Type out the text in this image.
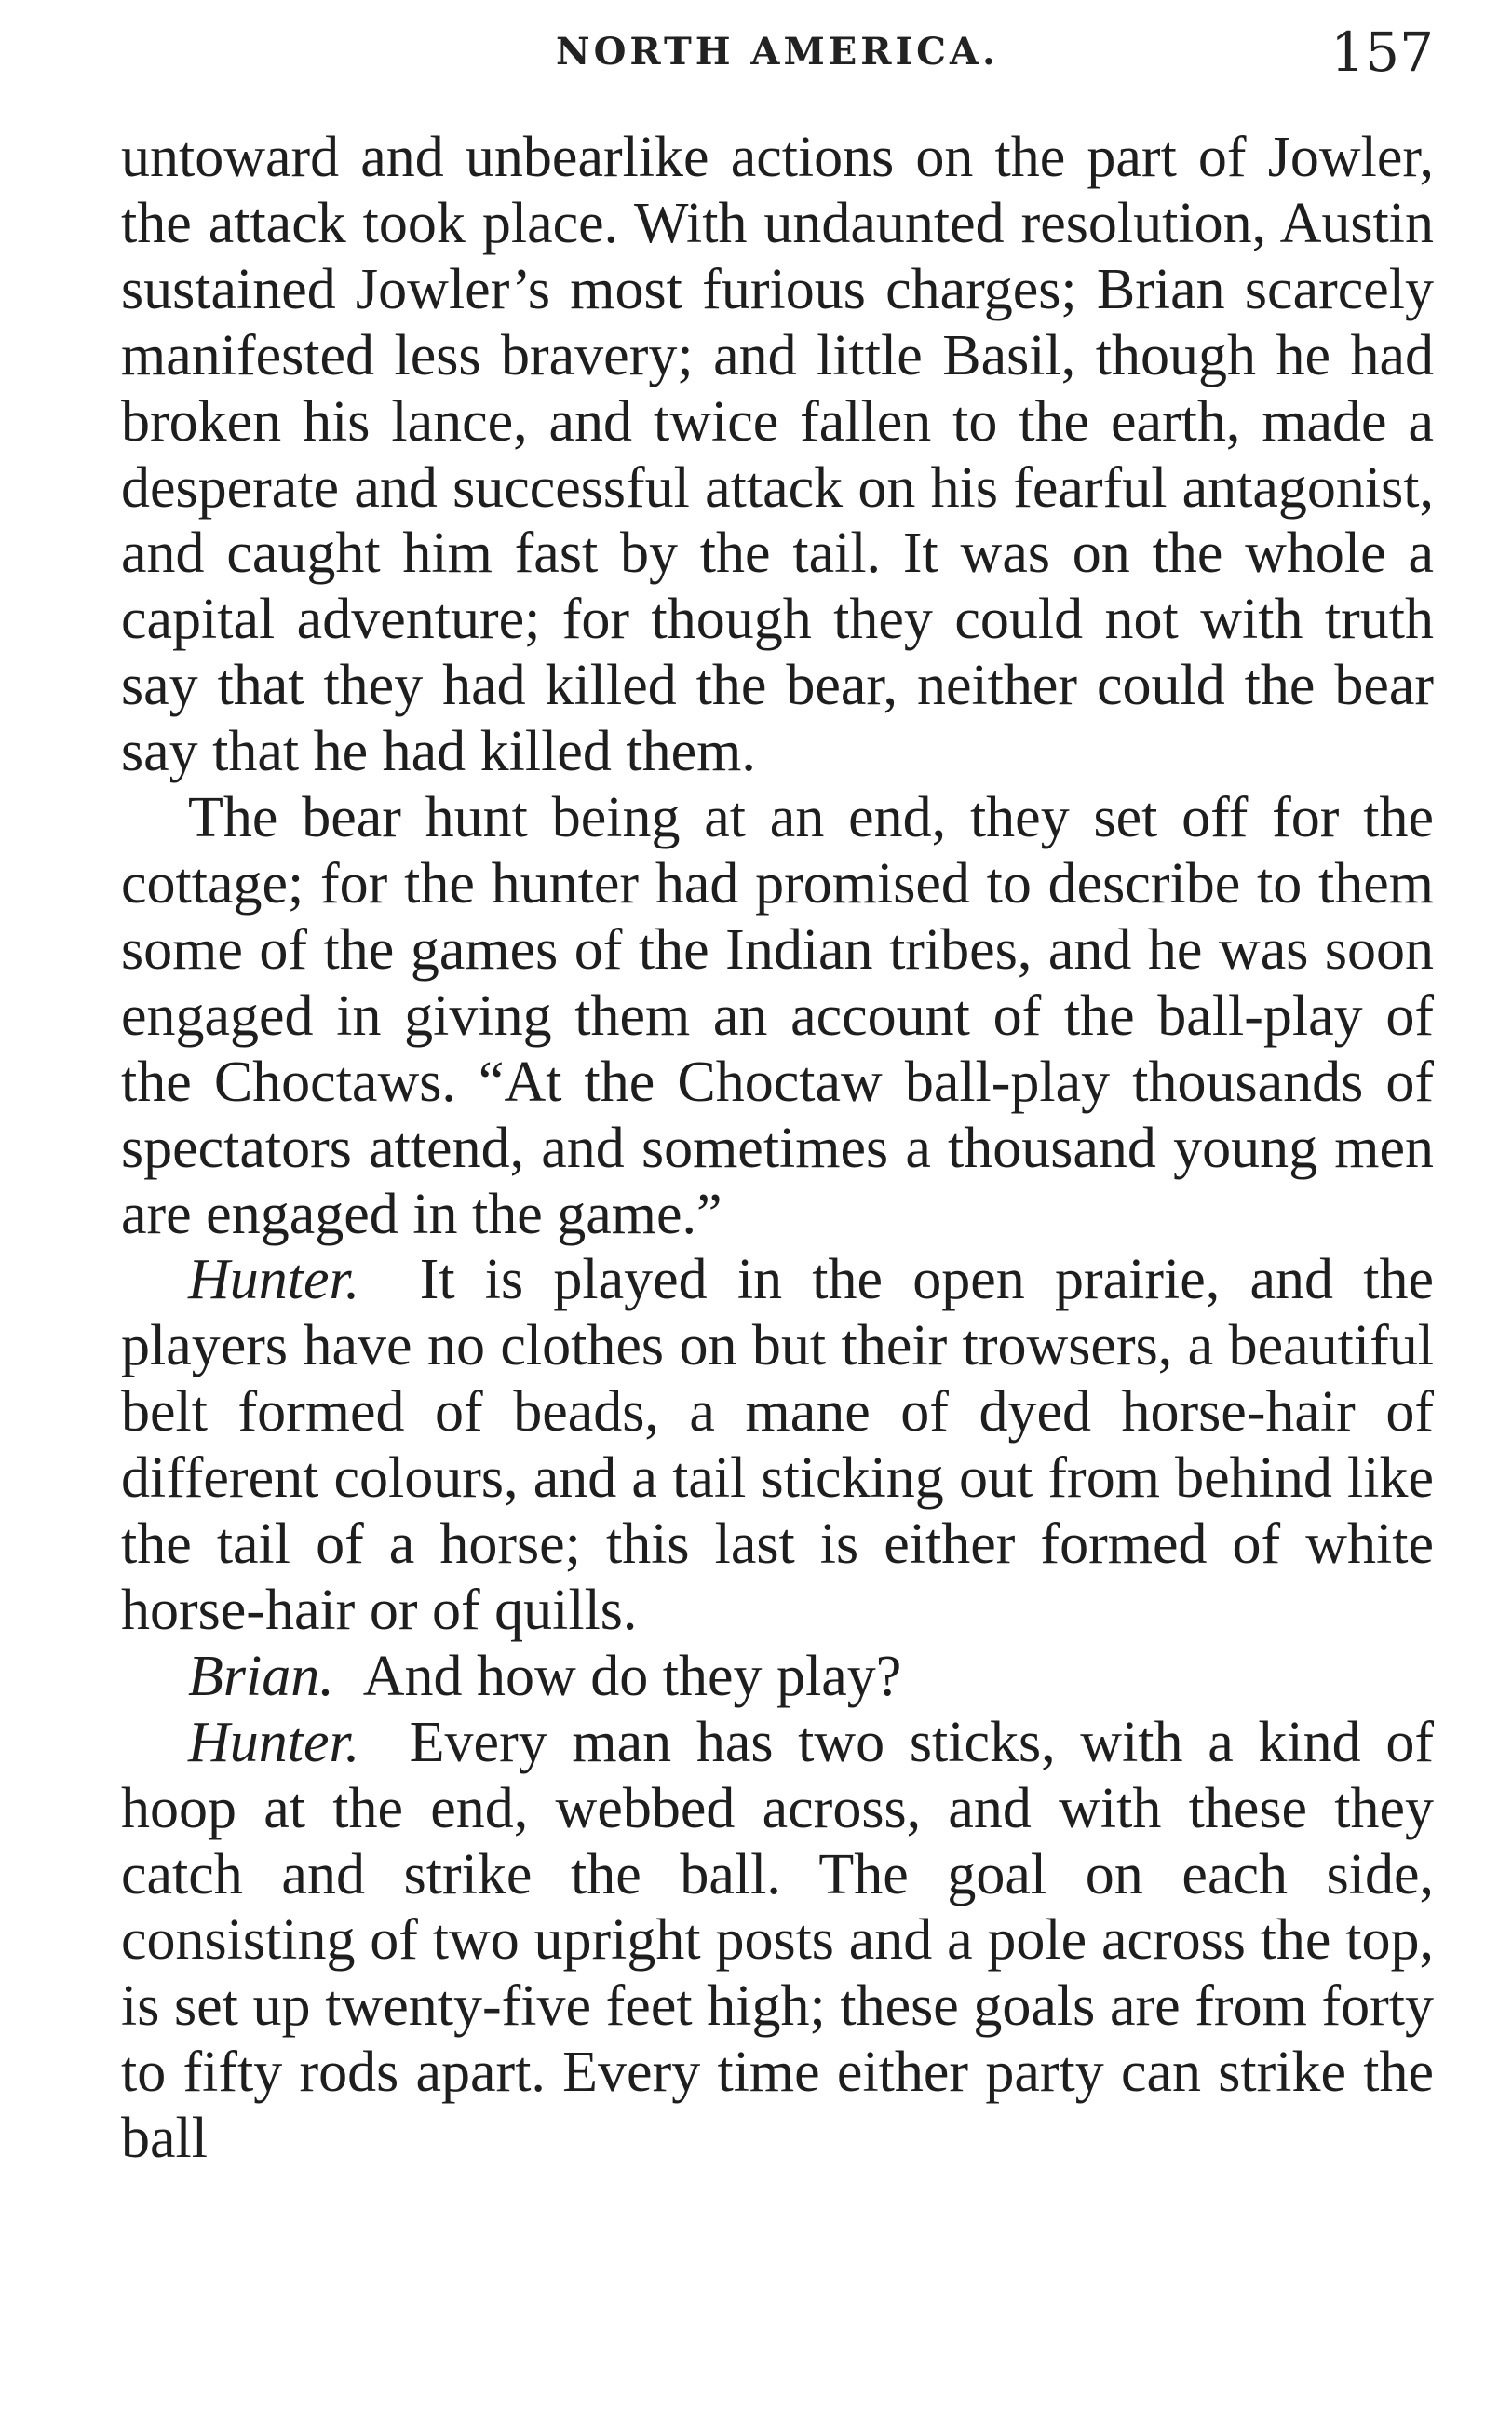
NORTH AMERICA.	157

untoward and unbearlike actions on the part of Jowler, the attack took place. With undaunted resolution, Austin sustained Jowler’s most furious charges; Brian scarcely manifested less bravery; and little Basil, though he had broken his lance, and twice fallen to the earth, made a desperate and successful attack on his fearful antagonist, and caught him fast by the tail. It was on the whole a capital adventure; for though they could not with truth say that they had killed the bear, neither could the bear say that he had killed them.

The bear hunt being at an end, they set off for the cottage; for the hunter had promised to describe to them some of the games of the Indian tribes, and he was soon engaged in giving them an account of the ball-play of the Choctaws. “At the Choctaw ball-play thousands of spectators attend, and sometimes a thousand young men are engaged in the game.”

Hunter. It is played in the open prairie, and the players have no clothes on but their trowsers, a beautiful belt formed of beads, a mane of dyed horse-hair of different colours, and a tail sticking out from behind like the tail of a horse; this last is either formed of white horse-hair or of quills.

Brian. And how do they play?

Hunter. Every man has two sticks, with a kind of hoop at the end, webbed across, and with these they catch and strike the ball. The goal on each side, consisting of two upright posts and a pole across the top, is set up twenty-five feet high; these goals are from forty to fifty rods apart. Every time either party can strike the ball
